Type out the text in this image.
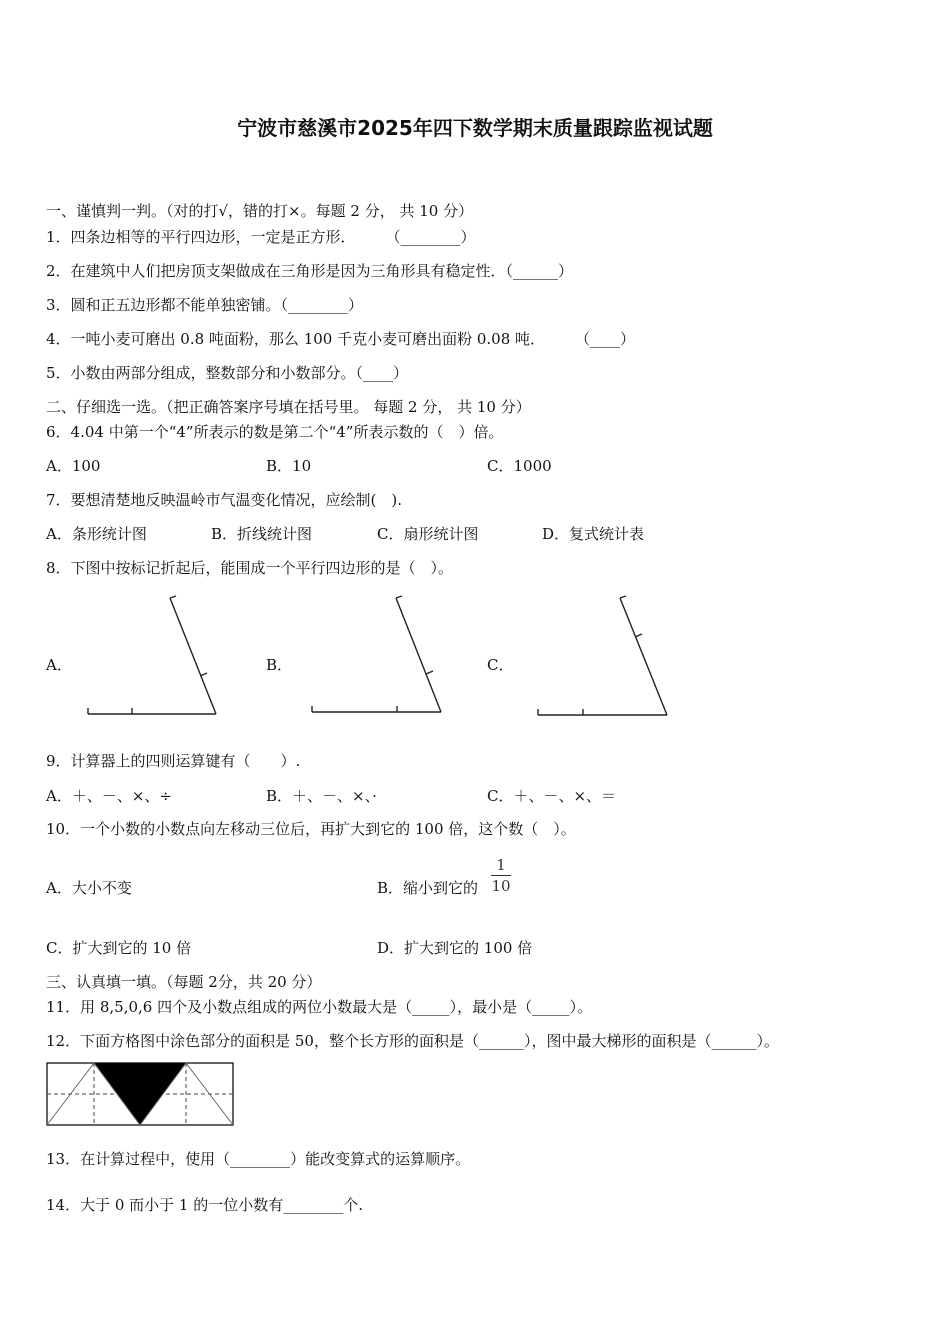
宁波市慈溪市2025年四下数学期末质量跟踪监视试题
一、谨慎判一判。（对的打√，错的打×。每题 2 分， 共 10 分）
1．四条边相等的平行四边形，一定是正方形．　　　（________）
2．在建筑中人们把房顶支架做成在三角形是因为三角形具有稳定性．（______）
3．圆和正五边形都不能单独密铺。（________）
4．一吨小麦可磨出 0.8 吨面粉，那么 100 千克小麦可磨出面粉 0.08 吨．　　　（____）
5．小数由两部分组成，整数部分和小数部分。（____）
二、仔细选一选。（把正确答案序号填在括号里。 每题 2 分， 共 10 分）
6．4.04 中第一个“4”所表示的数是第二个“4”所表示数的（　）倍。
A．100	B．10	C．1000
7．要想清楚地反映温岭市气温变化情况，应绘制(　).
A．条形统计图	B．折线统计图	C．扇形统计图	D．复式统计表
8．下图中按标记折起后，能围成一个平行四边形的是（　）。
A．	B．	C．
9．计算器上的四则运算键有（　　）.
A．＋、－、×、÷	B．＋、－、×、·	C．＋、－、×、＝
10．一个小数的小数点向左移动三位后，再扩大到它的 100 倍，这个数（　）。
A．大小不变	B．缩小到它的
1
10
C．扩大到它的 10 倍	D．扩大到它的 100 倍
三、认真填一填。（每题 2分，共 20 分）
11．用 8,5,0,6 四个及小数点组成的两位小数最大是（_____），最小是（_____）。
12．下面方格图中涂色部分的面积是 50，整个长方形的面积是（______），图中最大梯形的面积是（______）。
13．在计算过程中，使用（________）能改变算式的运算顺序。
14．大于 0 而小于 1 的一位小数有________个.
